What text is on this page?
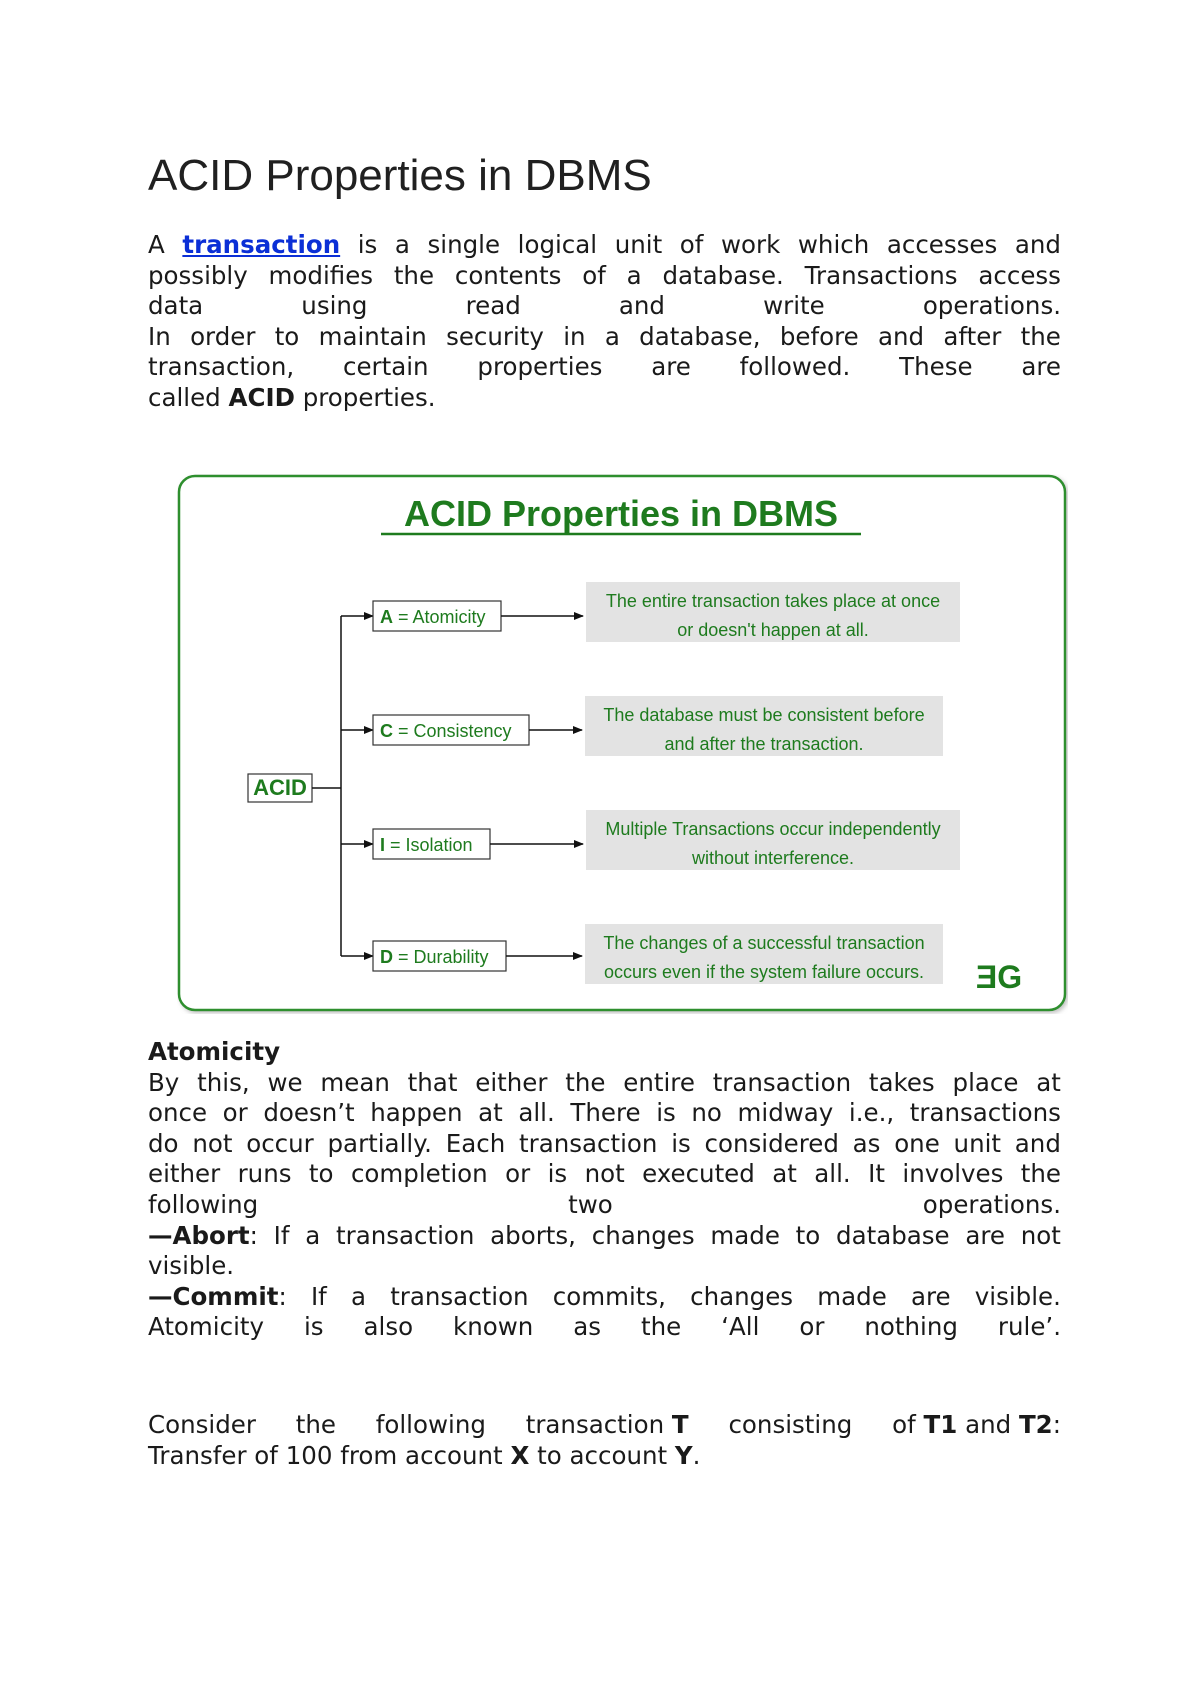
ACID Properties in DBMS
A transaction is a single logical unit of work which accesses and
possibly modifies the contents of a database. Transactions access
data	using	read	and	write	operations.
In order to maintain security in a database, before and after the
transaction, certain properties are followed. These are
called ACID properties.
ACID Properties in DBMS
ACID
A = Atomicity
The entire transaction takes place at once
or doesn't happen at all.
C = Consistency
The database must be consistent before
and after the transaction.
I = Isolation
Multiple Transactions occur independently
without interference.
D = Durability
The changes of a successful transaction
occurs even if the system failure occurs. ƎG
Atomicity
By this, we mean that either the entire transaction takes place at
once or doesn’t happen at all. There is no midway i.e., transactions
do not occur partially. Each transaction is considered as one unit and
either runs to completion or is not executed at all. It involves the
following	two	operations.
—Abort: If a transaction aborts, changes made to database are not
visible.
—Commit: If a transaction commits, changes made are visible.
Atomicity is also known as the ‘All or nothing rule’.
Consider the following transaction T consisting of T1 and T2:
Transfer of 100 from account X to account Y.
